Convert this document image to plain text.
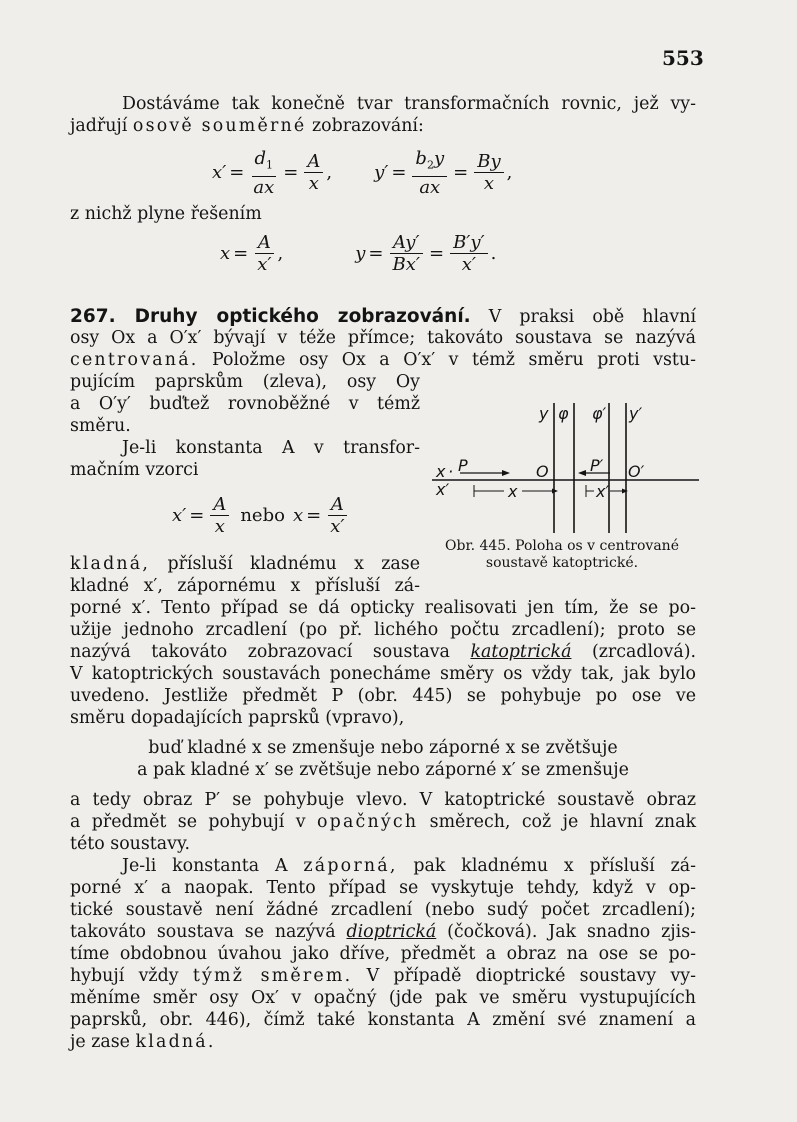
553
Dostáváme tak konečně tvar transformačních rovnic, jež vy-
jadřují osově souměrné zobrazování:
$x' = \frac{d_1}{ax} = \frac{A}{x}$ , $y' = \frac{b_2y}{ax} = \frac{By}{x}$ ,
z nichž plyne řešením
$x = \frac{A}{x'}$ ,	$y = \frac{Ay'}{Bx'} = \frac{B'y'}{x'}$ .
267. Druhy optického zobrazování. V praksi obě hlavní
osy Ox a O′x′ bývají v téže přímce; takováto soustava se nazývá
centrovaná. Položme osy Ox a O′x′ v témž směru proti vstu-
pujícím paprskům (zleva), osy Oy
a O′y′ buďtež rovnoběžné v témž
směru.
Je-li konstanta A v transfor-
mačním vzorci
$x' = \frac{A}{x}$ nebo $x = \frac{A}{x'}$
y φ φ′ y′
x · P	O	P′ O′
x′	x	x′
Obr. 445. Poloha os v centrované
soustavě katoptrické.
kladná, přísluší kladnému x zase
kladné x′, zápornému x přísluší zá-
porné x′. Tento případ se dá opticky realisovati jen tím, že se po-
užije jednoho zrcadlení (po př. lichého počtu zrcadlení); proto se
nazývá takováto zobrazovací soustava katoptrická (zrcadlová).
V katoptrických soustavách ponecháme směry os vždy tak, jak bylo
uvedeno. Jestliže předmět P (obr. 445) se pohybuje po ose ve
směru dopadajících paprsků (vpravo),
buď kladné x se zmenšuje nebo záporné x se zvětšuje
a pak kladné x′ se zvětšuje nebo záporné x′ se zmenšuje
a tedy obraz P′ se pohybuje vlevo. V katoptrické soustavě obraz
a předmět se pohybují v opačných směrech, což je hlavní znak
této soustavy.
Je-li konstanta A záporná, pak kladnému x přísluší zá-
porné x′ a naopak. Tento případ se vyskytuje tehdy, když v op-
tické soustavě není žádné zrcadlení (nebo sudý počet zrcadlení);
takováto soustava se nazývá dioptrická (čočková). Jak snadno zjis-
tíme obdobnou úvahou jako dříve, předmět a obraz na ose se po-
hybují vždy týmž směrem. V případě dioptrické soustavy vy-
měníme směr osy Ox′ v opačný (jde pak ve směru vystupujících
paprsků, obr. 446), čímž také konstanta A změní své znamení a
je zase kladná.
